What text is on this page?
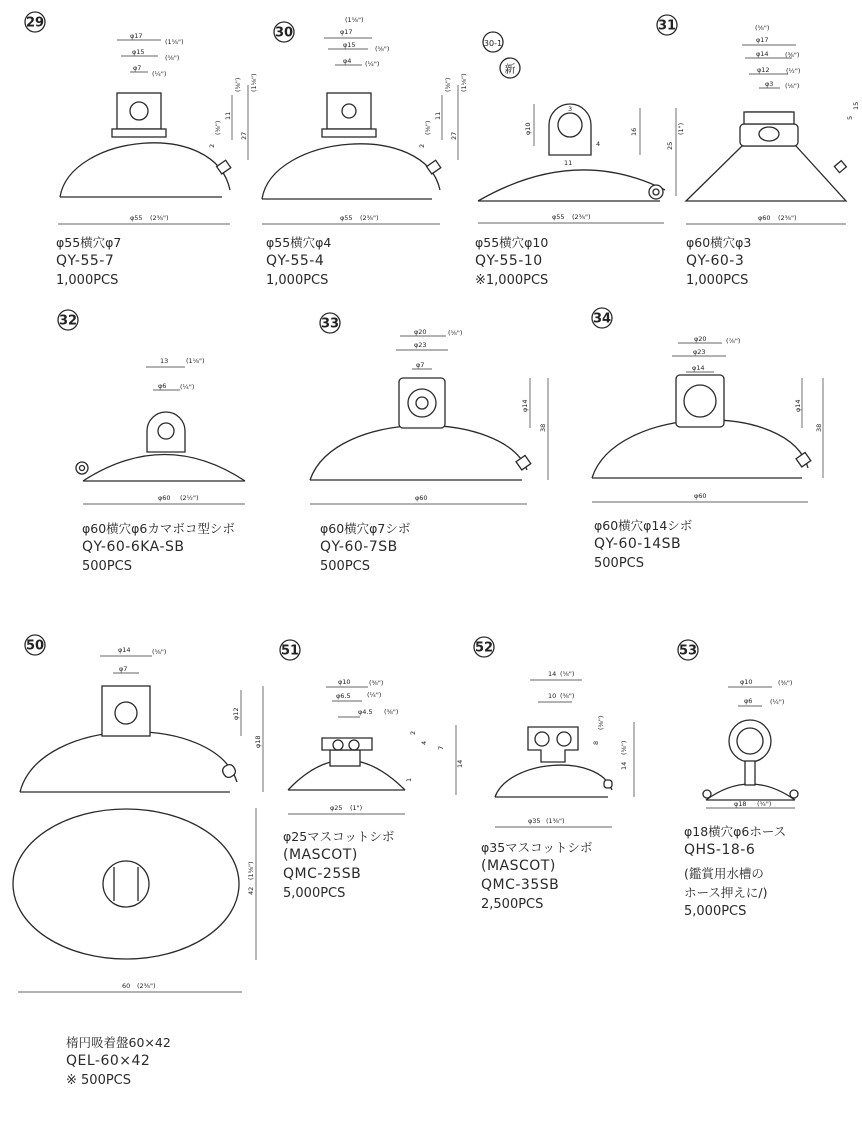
29
φ17
(1⅝")
φ15
(⅝")
φ7
(¼")
11
27
(⅝") (1⅛")
2
(⅜")
φ55 (2⅜")
30
(1⅝")
φ17
φ15	(⅝")
φ4 (¼")
11
27
(⅝") (1⅛")
2
(⅜")
φ55 (2⅜")
30-1
新
3
4
11
φ10	16
25
(1")
φ55 (2⅜")
31	(⅝")
φ17
φ14	(⅜")
φ12	(½")
φ3 (⅛")
5
15
φ60 (2⅜")
32
13	(1⅛")
φ6 (¼")
φ60 (2½")
33
φ20	(⅝")
φ23
φ7
φ14
38
φ60
34
φ20	(⅞")
φ23
φ14
φ14
38
φ60
50	φ14	(⅝")
φ7
φ12
φ18
42
(1⅝")
60 (2⅜")
51
φ10	(⅜")
φ6.5	(¼")
φ4.5 (⅜")
2
4
7
14
1
φ25 (1")
52
14 (⅝")
10 (⅜")
8
(⅜")
14
(⅝")
φ35 (1⅜")
53
φ10	(⅜")
φ6	(¼")
φ18 (¾")
φ55横穴φ7
QY-55-7
1,000PCS
φ55横穴φ4
QY-55-4
1,000PCS
φ55横穴φ10
QY-55-10
※1,000PCS
φ60横穴φ3
QY-60-3
1,000PCS
φ60横穴φ6カマボコ型シボ
QY-60-6KA-SB
500PCS
φ60横穴φ7シボ
QY-60-7SB
500PCS
φ60横穴φ14シボ
QY-60-14SB
500PCS
楕円吸着盤60×42
QEL-60×42
※ 500PCS
φ25マスコットシボ
(MASCOT)
QMC-25SB
5,000PCS
φ35マスコットシボ
(MASCOT)
QMC-35SB
2,500PCS
φ18横穴φ6ホース
QHS-18-6
(鑑賞用水槽の
ホース押えに/)
5,000PCS
